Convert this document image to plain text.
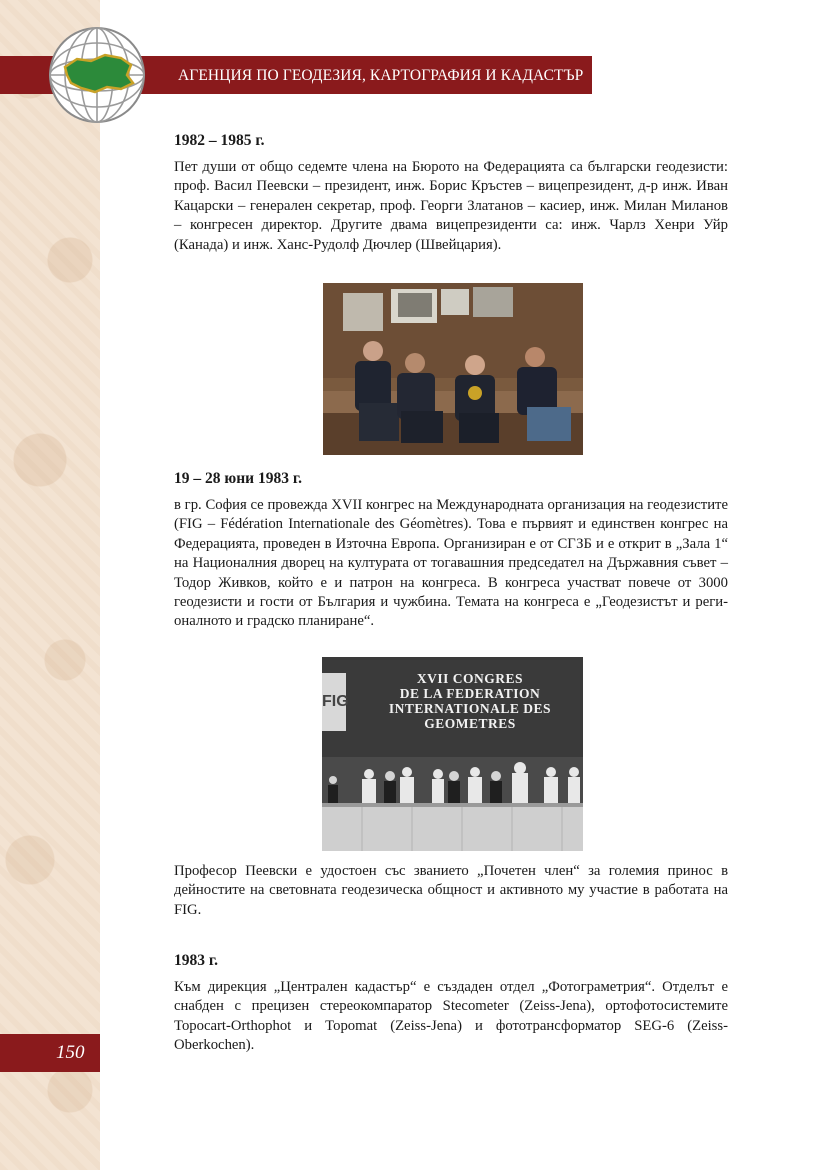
АГЕНЦИЯ ПО ГЕОДЕЗИЯ, КАРТОГРАФИЯ И КАДАСТЪР
1982 – 1985 г.
Пет души от общо седемте члена на Бюрото на Федерацията са български геодезисти: проф. Васил Пеевски – президент, инж. Борис Кръстев – вицепрезидент, д-р инж. Иван Кацарски – генерален секретар, проф. Георги Златанов – касиер, инж. Милан Миланов – конгресен директор. Другите двама вицепрезиденти са: инж. Чарлз Хенри Уйр (Канада) и инж. Ханс-Рудолф Дючлер (Швейцария).
19 – 28 юни 1983 г.
в гр. София се провежда XVII конгрес на Международната организация на геодезистите (FIG – Fédération Internationale des Géomètres). Това е първият и единствен конгрес на Федерацията, проведен в Източна Европа. Организиран е от СГЗБ и е открит в „Зала 1“ на Националния дворец на културата от тогавашния председател на Държавния съвет – Тодор Живков, който е и патрон на конгреса. В конгреса участват повече от 3000 геодезисти и гости от България и чужбина. Темата на конгреса е „Геодезистът и регионалното и градско планиране“.
FIG
XVII CONGRES
DE LA FEDERATION
INTERNATIONALE DES
GEOMETRES
Професор Пеевски е удостоен със званието „Почетен член“ за големия принос в дейностите на световната геодезическа общност и активното му участие в работата на FIG.
1983 г.
Към дирекция „Централен кадастър“ е създаден отдел „Фотограметрия“. Отделът е снабден с прецизен стереокомпаратор Stecometer (Zeiss-Jena), ортофотосистемите Topocart-Orthophot и Topomat (Zeiss-Jena) и фототрансформатор SEG-6 (Zeiss-Oberkochen).
150
